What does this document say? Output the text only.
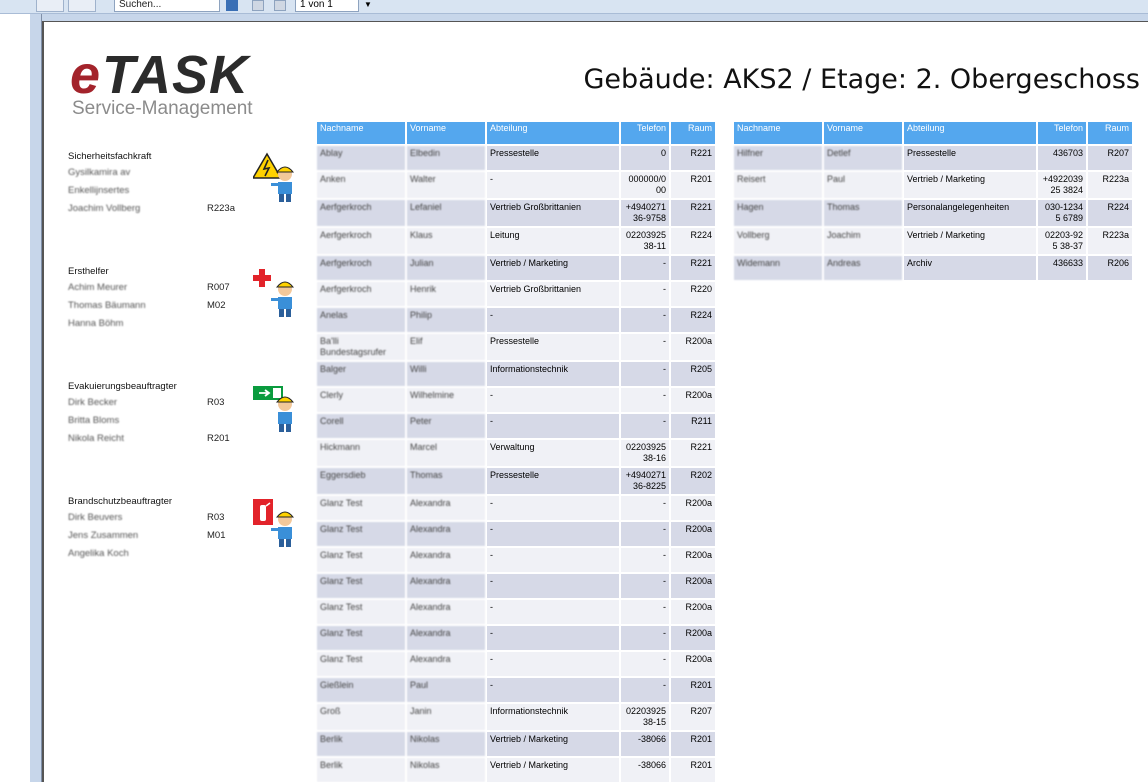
Suchen...	1 von 1	▼
e TASK
Service-Management
Gebäude: AKS2 / Etage: 2. Obergeschoss
Sicherheitsfachkraft
Gysilkamira av
Enkellijnsertes
Joachim Vollberg	R223a
Ersthelfer
Achim Meurer	R007
Thomas Bäumann	M02
Hanna Böhm
Evakuierungsbeauftragter
Dirk Becker	R03
Britta Bloms
Nikola Reicht	R201
Brandschutzbeauftragter
Dirk Beuvers	R03
Jens Zusammen	M01
Angelika Koch
Nachname	Vorname	Abteilung	Telefon	Raum
Ablay	Elbedin	Pressestelle	0	R221
Anken	Walter	-	000000/000	R201
Aerfgerkroch	Lefaniel	Vertrieb Großbrittanien	+494027136-9758	R221
Aerfgerkroch	Klaus	Leitung	0220392538-11	R224
Aerfgerkroch	Julian	Vertrieb / Marketing	-	R221
Aerfgerkroch	Henrik	Vertrieb Großbrittanien	-	R220
Anelas	Philip	-	-	R224
Ba'lli Bundestagsrufer	Elif	Pressestelle	-	R200a
Balger	Willi	Informationstechnik	-	R205
Clerly	Wilhelmine	-	-	R200a
Corell	Peter	-	-	R211
Hickmann	Marcel	Verwaltung	0220392538-16	R221
Eggersdieb	Thomas	Pressestelle	+494027136-8225	R202
Glanz Test	Alexandra	-	-	R200a
Glanz Test	Alexandra	-	-	R200a
Glanz Test	Alexandra	-	-	R200a
Glanz Test	Alexandra	-	-	R200a
Glanz Test	Alexandra	-	-	R200a
Glanz Test	Alexandra	-	-	R200a
Glanz Test	Alexandra	-	-	R200a
Gießlein	Paul	-	-	R201
Groß	Janin	Informationstechnik	0220392538-15	R207
Berlik	Nikolas	Vertrieb / Marketing	-38066	R201
Berlik	Nikolas	Vertrieb / Marketing	-38066	R201
Nachname	Vorname	Abteilung	Telefon	Raum
Hilfner	Detlef	Pressestelle	436703	R207
Reisert	Paul	Vertrieb / Marketing	+492203925 3824	R223a
Hagen	Thomas	Personalangelegenheiten	030-12345 6789	R224
Vollberg	Joachim	Vertrieb / Marketing	02203-925 38-37	R223a
Widemann	Andreas	Archiv	436633	R206
